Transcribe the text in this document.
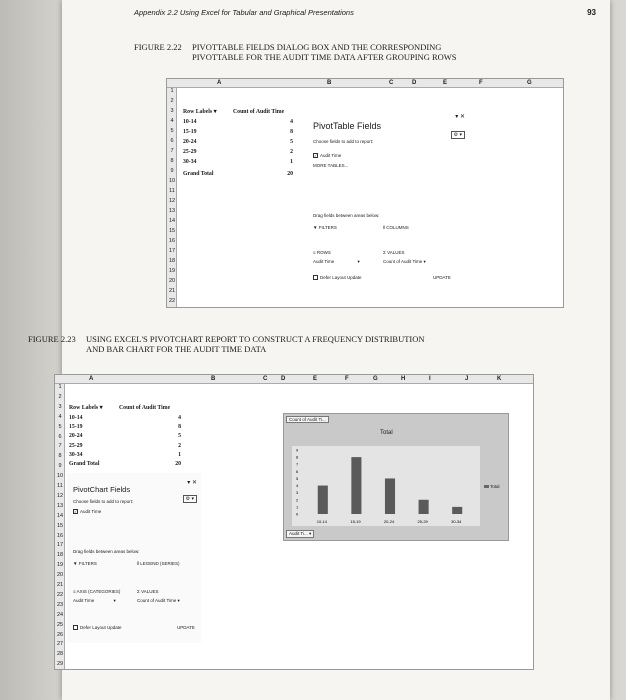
Appendix 2.2 Using Excel for Tabular and Graphical Presentations	93
FIGURE 2.22 PIVOTTABLE FIELDS DIALOG BOX AND THE CORRESPONDING
PIVOTTABLE FOR THE AUDIT TIME DATA AFTER GROUPING ROWS
A	B	C	D	E	F	G
1
2
3
4
5
6
7
8
9
10
11
12
13
14
15
16
17
18
19
20
21
22
Row Labels ▾	Count of Audit Time
10-14	4
15-19	8
20-24	5
25-29	2
30-34	1
Grand Total	20
PivotTable Fields
▾ ✕
⚙ ▾
Choose fields to add to report:
✓ Audit Time
MORE TABLES...
Drag fields between areas below:
▼ FILTERS	⦀ COLUMNS
≡ ROWS	Σ VALUES
Audit Time	▾	Count of Audit Time ▾
Defer Layout Update	UPDATE
FIGURE 2.23 USING EXCEL'S PIVOTCHART REPORT TO CONSTRUCT A FREQUENCY DISTRIBUTION
AND BAR CHART FOR THE AUDIT TIME DATA
A	B	C D	E	F	G	H	I	J	K
1
2
3
4
5
6
7
8
9
10
11
12
13
14
15
16
17
18
19
20
21
22
23
24
25
26
27
28
29
Row Labels ▾	Count of Audit Time
10-14	4
15-19	8
20-24	5
25-29	2
30-34	1
Grand Total	20
PivotChart Fields
▾ ✕
⚙ ▾
Choose fields to add to report:
✓ Audit Time
Drag fields between areas below:
▼ FILTERS	⦀ LEGEND (SERIES)
≡ AXIS (CATEGORIES)	Σ VALUES
Audit Time	▾	Count of Audit Time ▾
Defer Layout Update	UPDATE
Count of Audit Ti...
Total
9
8
7
6
5
4
3
2
1
0
10-14	15-19	20-24	25-29	30-34
Total
Audit Ti... ▾
